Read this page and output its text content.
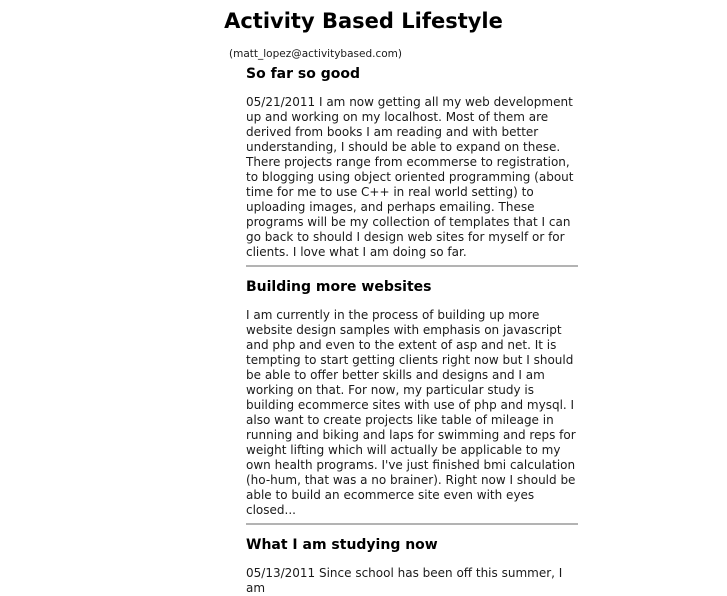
Activity Based Lifestyle
(matt_lopez@activitybased.com)
So far so good

05/21/2011 I am now getting all my web development up and working on my localhost. Most of them are derived from books I am reading and with better understanding, I should be able to expand on these. There projects range from ecommerse to registration, to blogging using object oriented programming (about time for me to use C++ in real world setting) to uploading images, and perhaps emailing. These programs will be my collection of templates that I can go back to should I design web sites for myself or for clients. I love what I am doing so far.

Building more websites

I am currently in the process of building up more website design samples with emphasis on javascript and php and even to the extent of asp and net. It is tempting to start getting clients right now but I should be able to offer better skills and designs and I am working on that. For now, my particular study is building ecommerce sites with use of php and mysql. I also want to create projects like table of mileage in running and biking and laps for swimming and reps for weight lifting which will actually be applicable to my own health programs. I've just finished bmi calculation (ho-hum, that was a no brainer). Right now I should be able to build an ecommerce site even with eyes closed...

What I am studying now

05/13/2011 Since school has been off this summer, I am
